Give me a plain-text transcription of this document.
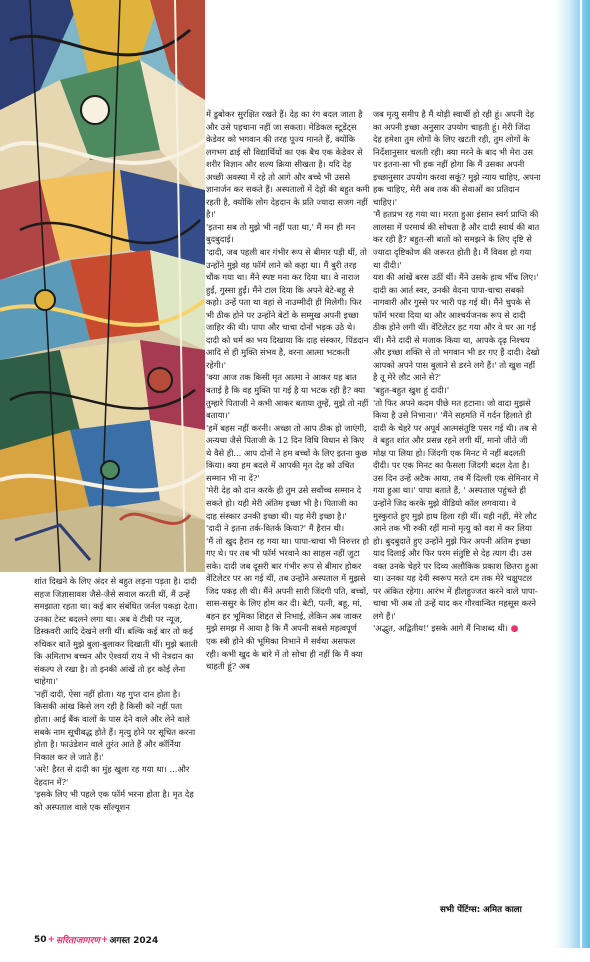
शांत दिखने के लिए अंदर से बहुत लड़ना पड़ता है। दादी सहज जिज्ञासावश जैसे-जैसे सवाल करती थीं, मैं उन्हें समझाता रहता था। कई बार संबंधित जर्नल पकड़ा देता। उनका टेस्ट बदलने लगा था। अब वे टीवी पर न्यूज, डिस्कवरी आदि देखने लगी थीं। बल्कि कई बार तो कई रुचिकर बातें मुझे बुला-बुलाकर दिखाती थीं। मुझे बताती कि अमिताभ बच्चन और ऐश्वर्या राय ने भी नेत्रदान का संकल्प ले रखा है। तो इनकी आंखें तो हर कोई लेना चाहेगा।'

'नहीं दादी, ऐसा नहीं होता। यह गुप्त दान होता है। किसकी आंख किसे लग रही है किसी को नहीं पता होता। आई बैंक वालों के पास देने वाले और लेने वाले सबके नाम सूचीबद्ध होते हैं। मृत्यु होने पर सूचित करना होता है। फाउंडेशन वाले तुरंत आते हैं और कॉर्निया निकाल कर ले जाते हैं।'

'अरे! हैरत से दादी का मुंह खुला रह गया था। ...और देहदान में?'

'इसके लिए भी पहले एक फॉर्म भरना होता है। मृत देह को अस्पताल वाले एक सॉल्यूशन

में डुबोकर सुरक्षित रखते हैं। देह का रंग बदल जाता है और उसे पहचाना नहीं जा सकता। मेडिकल स्टूडेंट्स केडेवर को भगवान की तरह पूज्य मानते हैं, क्योंकि लगभग ढाई सौ विद्यार्थियों का एक बैच एक केडेवर से शरीर विज्ञान और शल्य क्रिया सीखता है। यदि देह अच्छी अवस्था में रहे तो आगे और बच्चे भी उससे ज्ञानार्जन कर सकते हैं। अस्पतालों में देहों की बहुत कमी रहती है, क्योंकि लोग देहदान के प्रति ज्यादा सजग नहीं है।'

'इतना सब तो मुझे भी नहीं पता था,' मैं मन ही मन बुदबुदाई।

'दादी, जब पहली बार गंभीर रूप से बीमार पड़ी थीं, तो उन्होंने मुझे वह फॉर्म लाने को कहा था। मैं बुरी तरह चौंक गया था। मैंने स्पष्ट मना कर दिया था। वे नाराज हुईं, गुस्सा हुईं। मैंने टाल दिया कि अपने बेटे-बहू से कहो। उन्हें पता था वहां से नाउम्मीदी ही मिलेगी। फिर भी ठीक होने पर उन्होंने बेटों के सम्मुख अपनी इच्छा जाहिर की थी। पापा और चाचा दोनों भड़क उठे थे। दादी को धर्म का भय दिखाया कि दाह संस्कार, पिंडदान आदि से ही मुक्ति संभव है, वरना आत्मा भटकती रहेगी।'

'क्या आज तक किसी मृत आत्मा ने आकर यह बात बताई है कि वह मुक्ति पा गई है या भटक रही है? क्या तुम्हारे पिताजी ने कभी आकर बताया तुम्हें, मुझे तो नहीं बताया।'

'हमें बहस नहीं करनी। अच्छा तो आप ठीक हो जाएंगी, अन्यथा जैसे पिताजी के 12 दिन विधि विधान से किए थे वैसे ही... आप दोनों ने हम बच्चों के लिए इतना कुछ किया। क्या हम बदले में आपकी मृत देह को उचित सम्मान भी ना दें?'

'मेरी देह को दान करके ही तुम उसे सर्वोच्च सम्मान दे सकते हो। यही मेरी अंतिम इच्छा भी है। पिताजी का दाह संस्कार उनकी इच्छा थी। यह मेरी इच्छा है।'

'दादी ने इतना तर्क-वितर्क किया?' मैं हैरान थी।

'मैं तो खुद हैरान रह गया था। पापा-चाचा भी निरुत्तर हो गए थे। पर तब भी फॉर्म भरवाने का साहस नहीं जुटा सके। दादी जब दूसरी बार गंभीर रूप से बीमार होकर वेंटिलेटर पर आ गई थीं, तब उन्होंने अस्पताल में मुझसे जिद पकड़ ली थी। मैंने अपनी सारी जिंदगी पति, बच्चों, सास-ससुर के लिए होम कर दी। बेटी, पत्नी, बहू, मां, बहन हर भूमिका शिद्दत से निभाई, लेकिन अब जाकर मुझे समझ में आया है कि मैं अपनी सबसे महत्वपूर्ण एक स्त्री होने की भूमिका निभाने में सर्वथा असफल रही। कभी खुद के बारे में तो सोचा ही नहीं कि मैं क्या चाहती हूं? अब

जब मृत्यु समीप है मैं थोड़ी स्वार्थी हो रही हूं। अपनी देह का अपनी इच्छा अनुसार उपयोग चाहती हूं। मेरी जिंदा देह हमेशा तुम लोगों के लिए खटती रही, तुम लोगों के निर्देशानुसार चलती रही। क्या मरने के बाद भी मेरा उस पर इतना-सा भी हक नहीं होगा कि मैं उसका अपनी इच्छानुसार उपयोग करवा सकूं? मुझे न्याय चाहिए, अपना हक चाहिए, मेरी अब तक की सेवाओं का प्रतिदान चाहिए।'

'मैं हतप्रभ रह गया था। मरता हुआ इंसान स्वर्ग प्राप्ति की लालसा में परमार्थ की सोचता है और दादी स्वार्थ की बात कर रही हैं? बहुत-सी बातों को समझने के लिए दृष्टि से ज्यादा दृष्टिकोण की जरूरत होती है। मैं विवश हो गया था दीदी।'

यश की आंखें बरस उठीं थीं। मैंने उसके हाथ भींच लिए।' दादी का आर्त स्वर, उनकी वेदना पापा-चाचा सबको नागवारी और गुस्से पर भारी पड़ गई थी। मैंने चुपके से फॉर्म भरवा दिया था और आश्चर्यजनक रूप से दादी ठीक होने लगी थीं। वेंटिलेटर हट गया और वे घर आ गई थीं। मैंने दादी से मजाक किया था, आपके दृढ़ निश्चय और इच्छा शक्ति से तो भगवान भी डर गए हैं दादी। देखो आपको अपने पास बुलाने से डरने लगे हैं।' तो खुश नहीं है तू मेरे लौट आने से?'

'बहुत-बहुत खुश हूं दादी।'

'तो फिर अपने कदम पीछे मत हटाना। जो वादा मुझसे किया है उसे निभाना।' 'मैंने सहमति में गर्दन हिलाते ही दादी के चेहरे पर अपूर्व आत्मसंतुष्टि पसर गई थी। तब से वे बहुत शांत और प्रसन्न रहने लगी थीं, मानो जीते जी मोक्ष पा लिया हो। जिंदगी एक मिनट में नहीं बदलती दीदी। पर एक मिनट का फैसला जिंदगी बदल देता है। उस दिन उन्हें अटैक आया, तब मैं दिल्ली एक सेमिनार में गया हुआ था।' पापा बताते हैं, ' अस्पताल पहुंचते ही उन्होंने जिद करके मुझे वीडियो कॉल लगवाया। वे मुस्कुराते हुए मुझे हाथ हिला रही थीं। यही नहीं, मेरे लौट आने तक भी रुकी रहीं मानो मृत्यु को वश में कर लिया हो। बुदबुदाते हुए उन्होंने मुझे फिर अपनी अंतिम इच्छा याद दिलाई और फिर परम संतुष्टि से देह त्याग दी। उस वक्त उनके चेहरे पर दिव्य अलौकिक प्रकाश छितरा हुआ था। उनका यह देवी स्वरूप मरते दम तक मेरे चक्षुपटल पर अंकित रहेगा। आरंभ में हीलहुज्जत करने वाले पापा-चाचा भी अब तो उन्हें याद कर गौरवान्वित महसूस करने लगे हैं।'

'अद्भुत, अद्वितीय!' इसके आगे मैं निःशब्द थी। ●

सभी पेंटिंग्स: अमित काला
50 + सरिताजागरण + अगस्त 2024
